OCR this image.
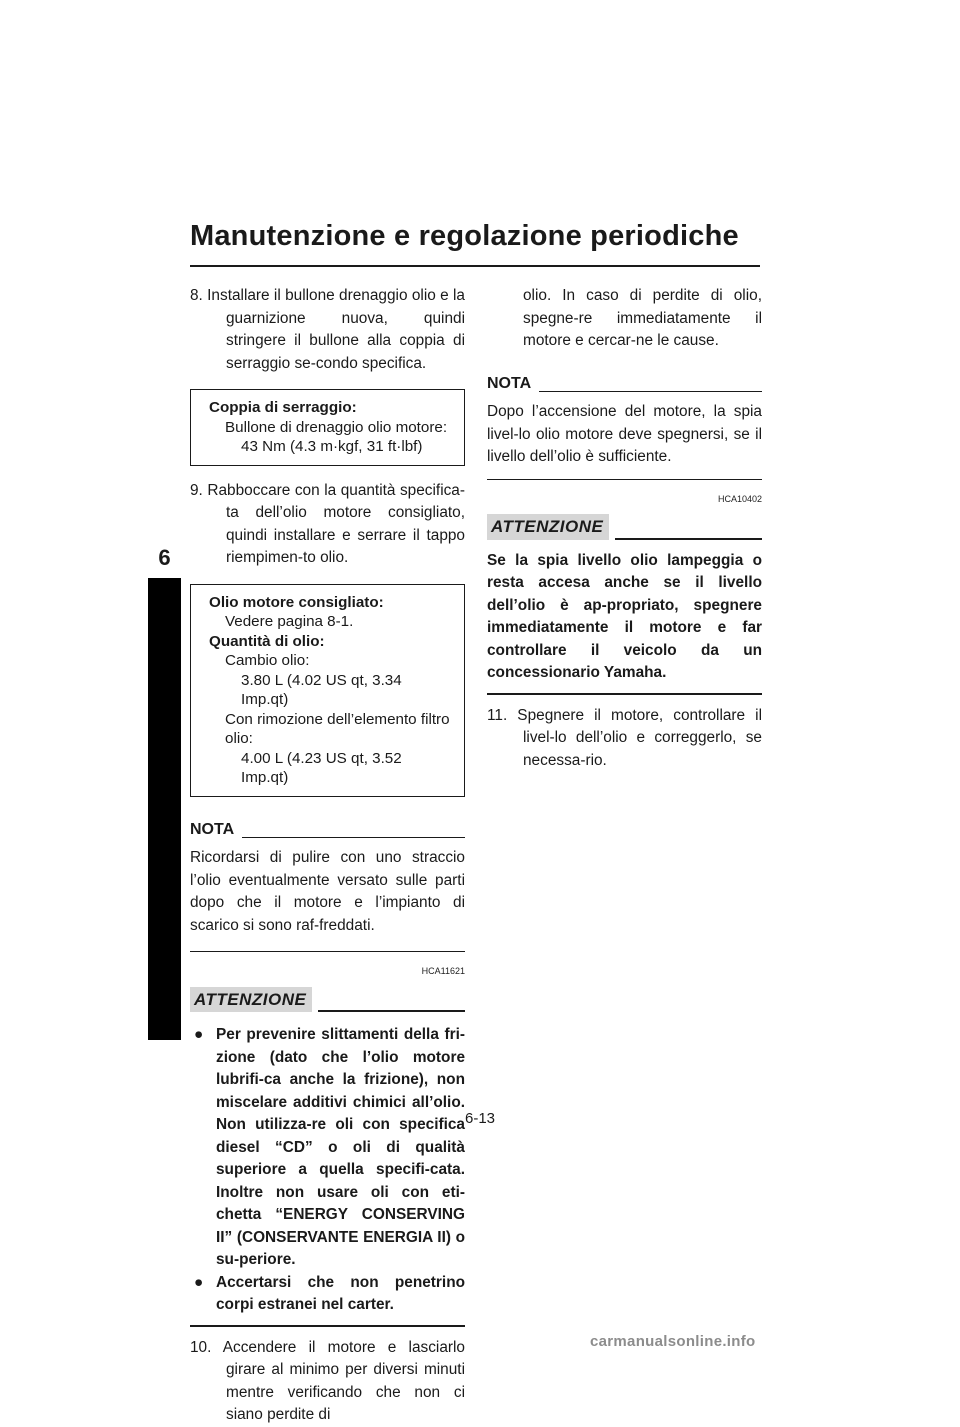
Manutenzione e regolazione periodiche
6
8. Installare il bullone drenaggio olio e la guarnizione nuova, quindi stringere il bullone alla coppia di serraggio se-condo specifica.
Coppia di serraggio:
Bullone di drenaggio olio motore:
43 Nm (4.3 m·kgf, 31 ft·lbf)
9. Rabboccare con la quantità specifica-ta dell’olio motore consigliato, quindi installare e serrare il tappo riempimen-to olio.
Olio motore consigliato:
Vedere pagina 8-1.
Quantità di olio:
Cambio olio:
3.80 L (4.02 US qt, 3.34 Imp.qt)
Con rimozione dell’elemento filtro
olio:
4.00 L (4.23 US qt, 3.52 Imp.qt)
NOTA
Ricordarsi di pulire con uno straccio l’olio eventualmente versato sulle parti dopo che il motore e l’impianto di scarico si sono raf-freddati.
HCA11621
ATTENZIONE
● Per prevenire slittamenti della fri-zione (dato che l’olio motore lubrifi-ca anche la frizione), non miscelare additivi chimici all’olio. Non utilizza-re oli con specifica diesel “CD” o oli di qualità superiore a quella specifi-cata. Inoltre non usare oli con eti-chetta “ENERGY CONSERVING II” (CONSERVANTE ENERGIA II) o su-periore.
● Accertarsi che non penetrino corpi estranei nel carter.
10. Accendere il motore e lasciarlo girare al minimo per diversi minuti mentre verificando che non ci siano perdite di
olio. In caso di perdite di olio, spegne-re immediatamente il motore e cercar-ne le cause.
NOTA
Dopo l’accensione del motore, la spia livel-lo olio motore deve spegnersi, se il livello dell’olio è sufficiente.
HCA10402
ATTENZIONE
Se la spia livello olio lampeggia o resta accesa anche se il livello dell’olio è ap-propriato, spegnere immediatamente il motore e far controllare il veicolo da un concessionario Yamaha.
11. Spegnere il motore, controllare il livel-lo dell’olio e correggerlo, se necessa-rio.
6-13
carmanualsonline.info
